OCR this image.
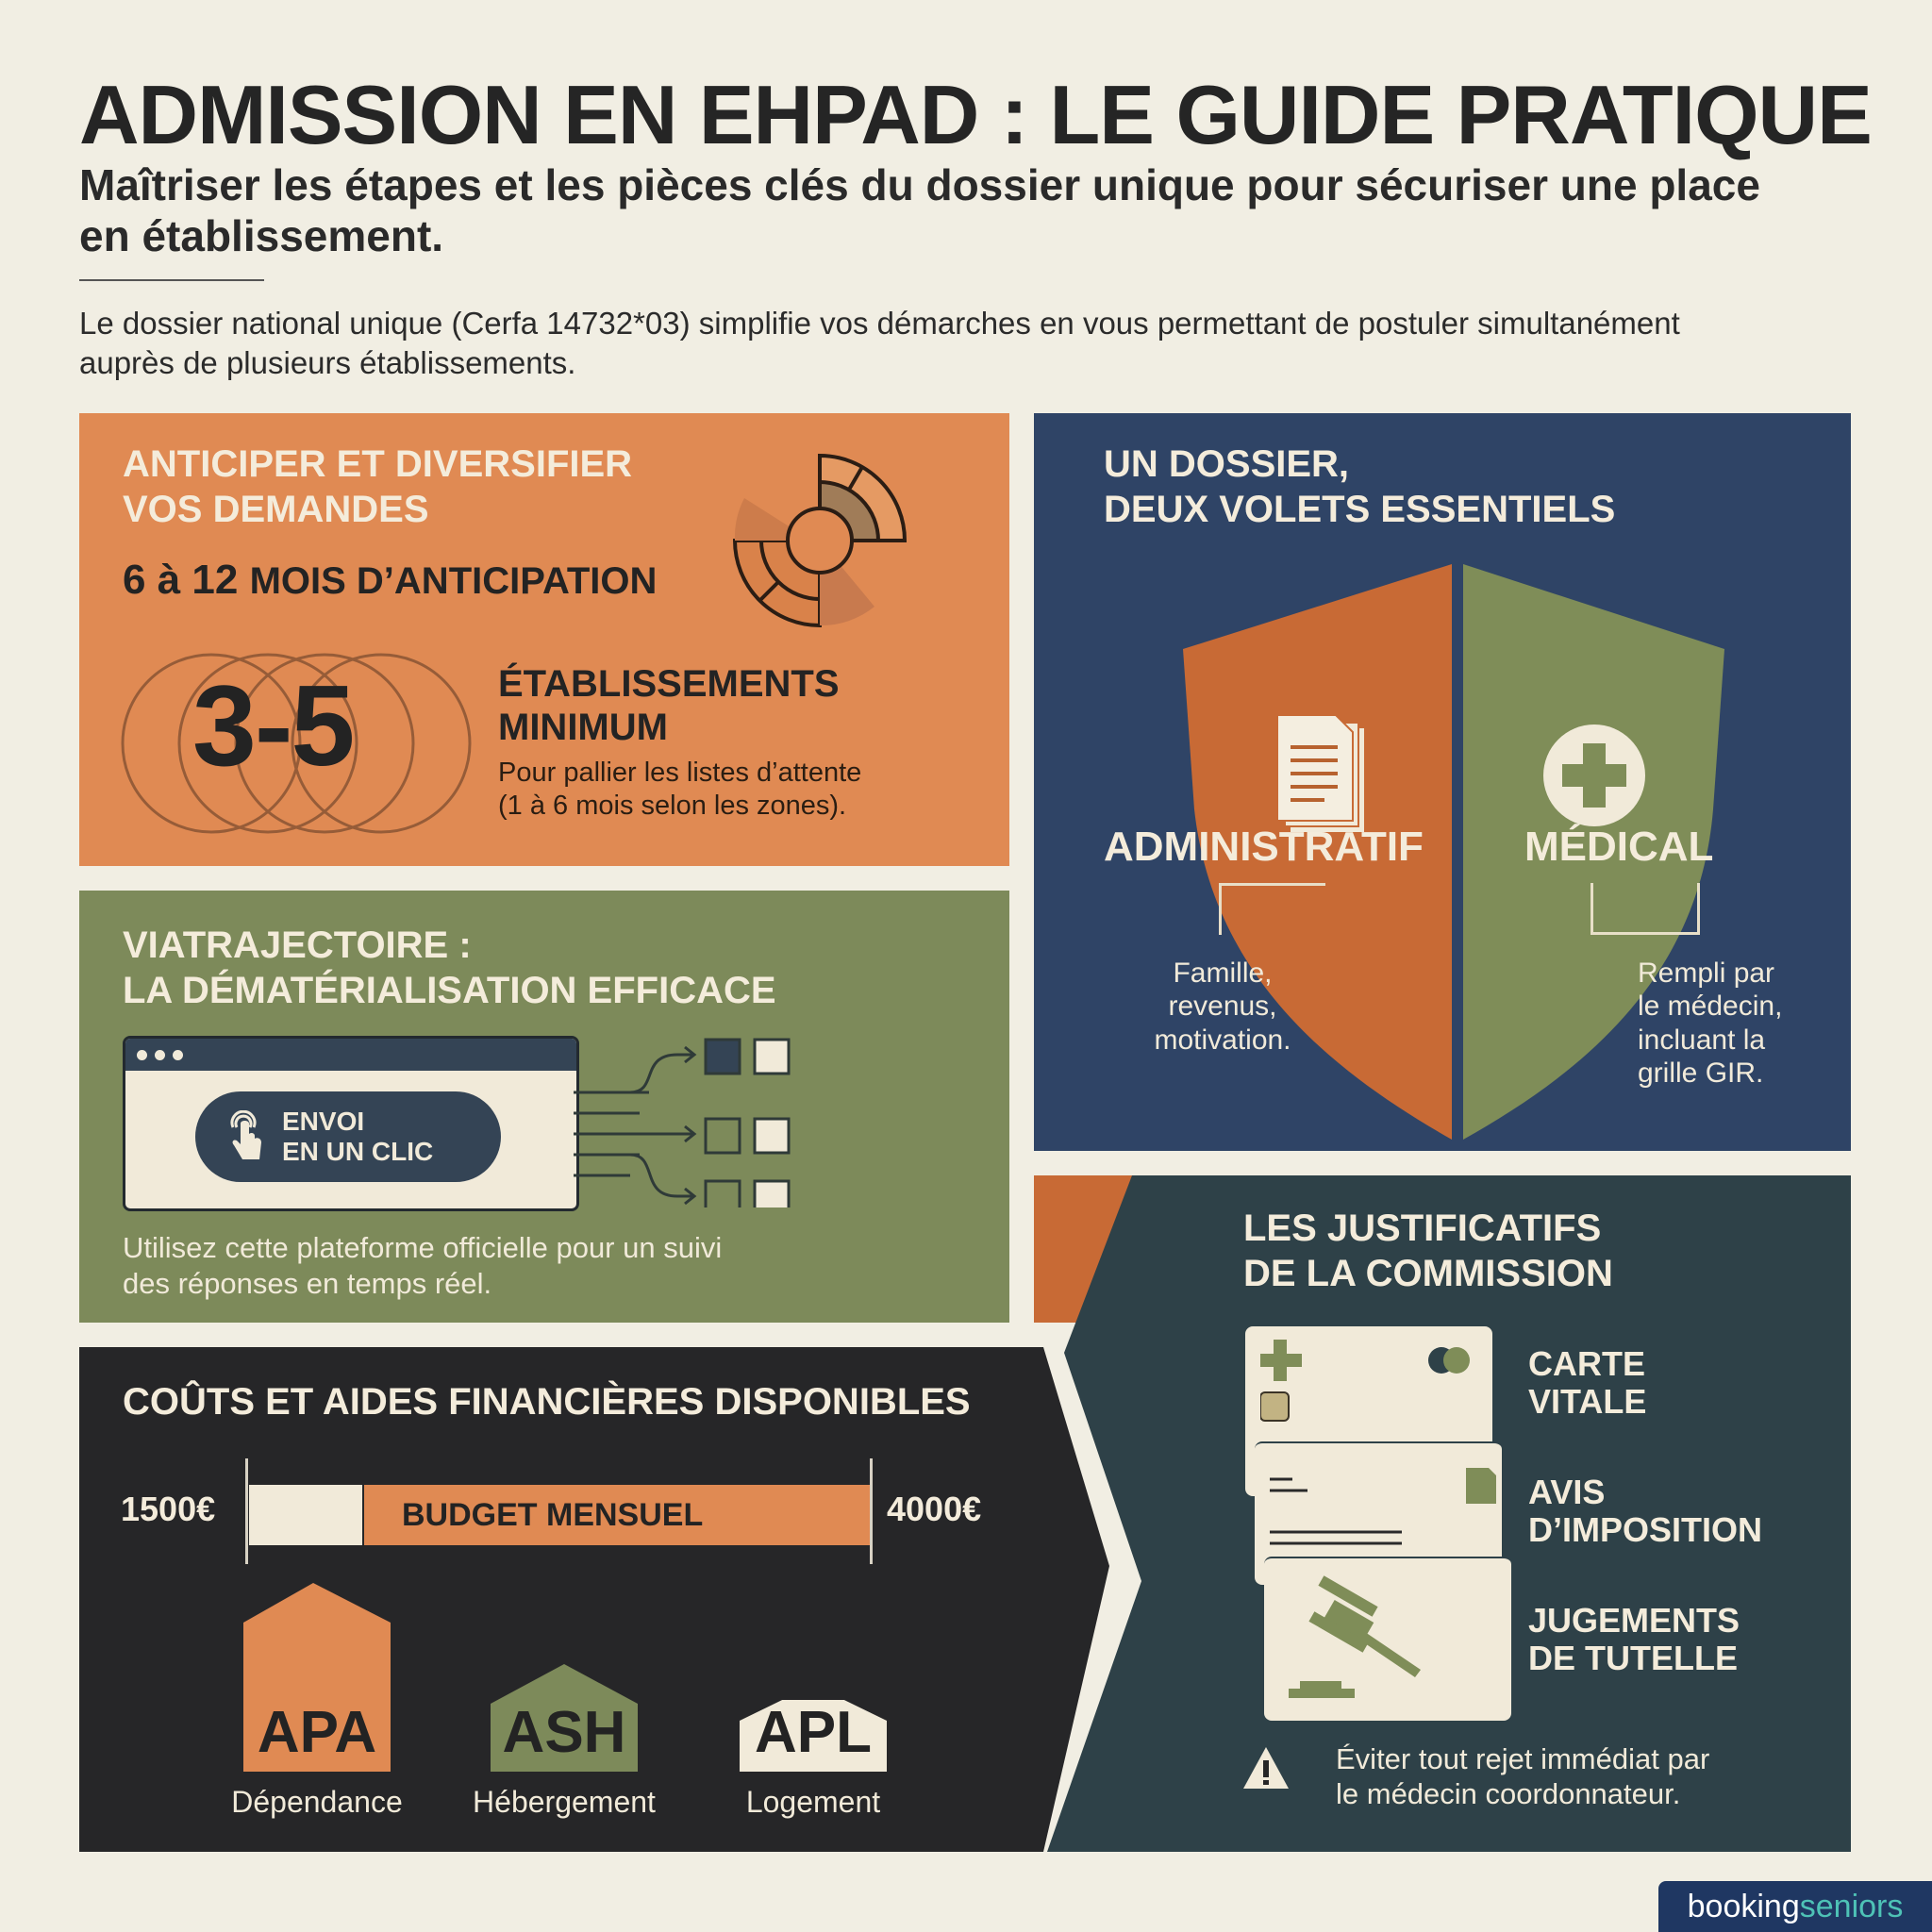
ADMISSION EN EHPAD : LE GUIDE PRATIQUE
Maîtriser les étapes et les pièces clés du dossier unique pour sécuriser une place en établissement.
Le dossier national unique (Cerfa 14732*03) simplifie vos démarches en vous permettant de postuler simultanément auprès de plusieurs établissements.
ANTICIPER ET DIVERSIFIER
VOS DEMANDES
6 à 12 MOIS D’ANTICIPATION
3-5	ÉTABLISSEMENTS
MINIMUM
Pour pallier les listes d’attente
(1 à 6 mois selon les zones).
UN DOSSIER,
DEUX VOLETS ESSENTIELS
ADMINISTRATIF MÉDICAL
Famille,
revenus,
motivation.
Rempli par
le médecin,
incluant la
grille GIR.
VIATRAJECTOIRE :
LA DÉMATÉRIALISATION EFFICACE
ENVOI
EN UN CLIC
Utilisez cette plateforme officielle pour un suivi
des réponses en temps réel.
COÛTS ET AIDES FINANCIÈRES DISPONIBLES
1500€	BUDGET MENSUEL	4000€
APA
Dépendance
ASH
Hébergement
APL
Logement
LES JUSTIFICATIFS
DE LA COMMISSION
CARTE
VITALE
AVIS
D’IMPOSITION
JUGEMENTS
DE TUTELLE
Éviter tout rejet immédiat par
le médecin coordonnateur.
booking seniors
